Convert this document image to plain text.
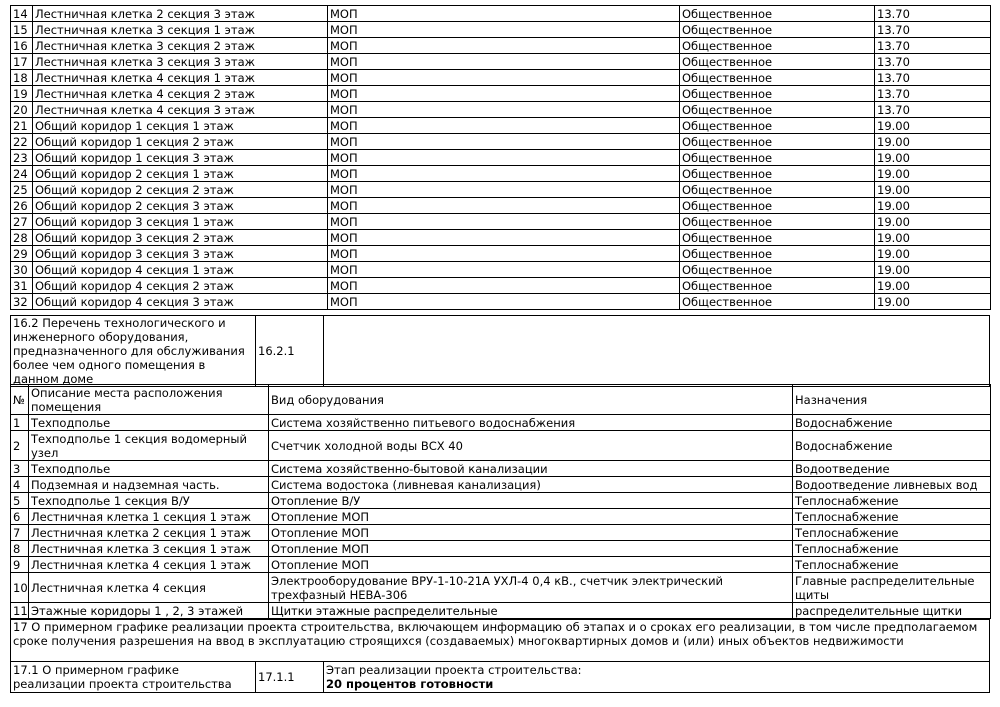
14	Лестничная клетка 2 секция 3 этаж	МОП	Общественное	13.70
15	Лестничная клетка 3 секция 1 этаж	МОП	Общественное	13.70
16	Лестничная клетка 3 секция 2 этаж	МОП	Общественное	13.70
17	Лестничная клетка 3 секция 3 этаж	МОП	Общественное	13.70
18	Лестничная клетка 4 секция 1 этаж	МОП	Общественное	13.70
19	Лестничная клетка 4 секция 2 этаж	МОП	Общественное	13.70
20	Лестничная клетка 4 секция 3 этаж	МОП	Общественное	13.70
21	Общий коридор 1 секция 1 этаж	МОП	Общественное	19.00
22	Общий коридор 1 секция 2 этаж	МОП	Общественное	19.00
23	Общий коридор 1 секция 3 этаж	МОП	Общественное	19.00
24	Общий коридор 2 секция 1 этаж	МОП	Общественное	19.00
25	Общий коридор 2 секция 2 этаж	МОП	Общественное	19.00
26	Общий коридор 2 секция 3 этаж	МОП	Общественное	19.00
27	Общий коридор 3 секция 1 этаж	МОП	Общественное	19.00
28	Общий коридор 3 секция 2 этаж	МОП	Общественное	19.00
29	Общий коридор 3 секция 3 этаж	МОП	Общественное	19.00
30	Общий коридор 4 секция 1 этаж	МОП	Общественное	19.00
31	Общий коридор 4 секция 2 этаж	МОП	Общественное	19.00
32	Общий коридор 4 секция 3 этаж	МОП	Общественное	19.00
16.2 Перечень технологического и инженерного оборудования, предназначенного для обслуживания более чем одного помещения в данном доме	16.2.1	
№	Описание места расположения помещения	Вид оборудования	Назначения
1	Техподполье	Система хозяйственно питьевого водоснабжения	Водоснабжение
2	Техподполье 1 секция водомерный узел	Счетчик холодной воды ВСХ 40	Водоснабжение
3	Техподполье	Система хозяйственно-бытовой канализации	Водоотведение
4	Подземная и надземная часть.	Система водостока (ливневая канализация)	Водоотведение ливневых вод
5	Техподполье 1 секция В/У	Отопление В/У	Теплоснабжение
6	Лестничная клетка 1 секция 1 этаж	Отопление МОП	Теплоснабжение
7	Лестничная клетка 2 секция 1 этаж	Отопление МОП	Теплоснабжение
8	Лестничная клетка 3 секция 1 этаж	Отопление МОП	Теплоснабжение
9	Лестничная клетка 4 секция 1 этаж	Отопление МОП	Теплоснабжение
10	Лестничная клетка 4 секция	Электрооборудование ВРУ-1-10-21А УХЛ-4 0,4 кВ., счетчик электрический трехфазный НЕВА-306	Главные распределительные щиты
11	Этажные коридоры 1 , 2, 3 этажей	Щитки этажные распределительные	распределительные щитки
17 О примерном графике реализации проекта строительства, включающем информацию об этапах и о сроках его реализации, в том числе предполагаемом сроке получения разрешения на ввод в эксплуатацию строящихся (создаваемых) многоквартирных домов и (или) иных объектов недвижимости
17.1 О примерном графике реализации проекта строительства	17.1.1	Этап реализации проекта строительства:
20 процентов готовности
